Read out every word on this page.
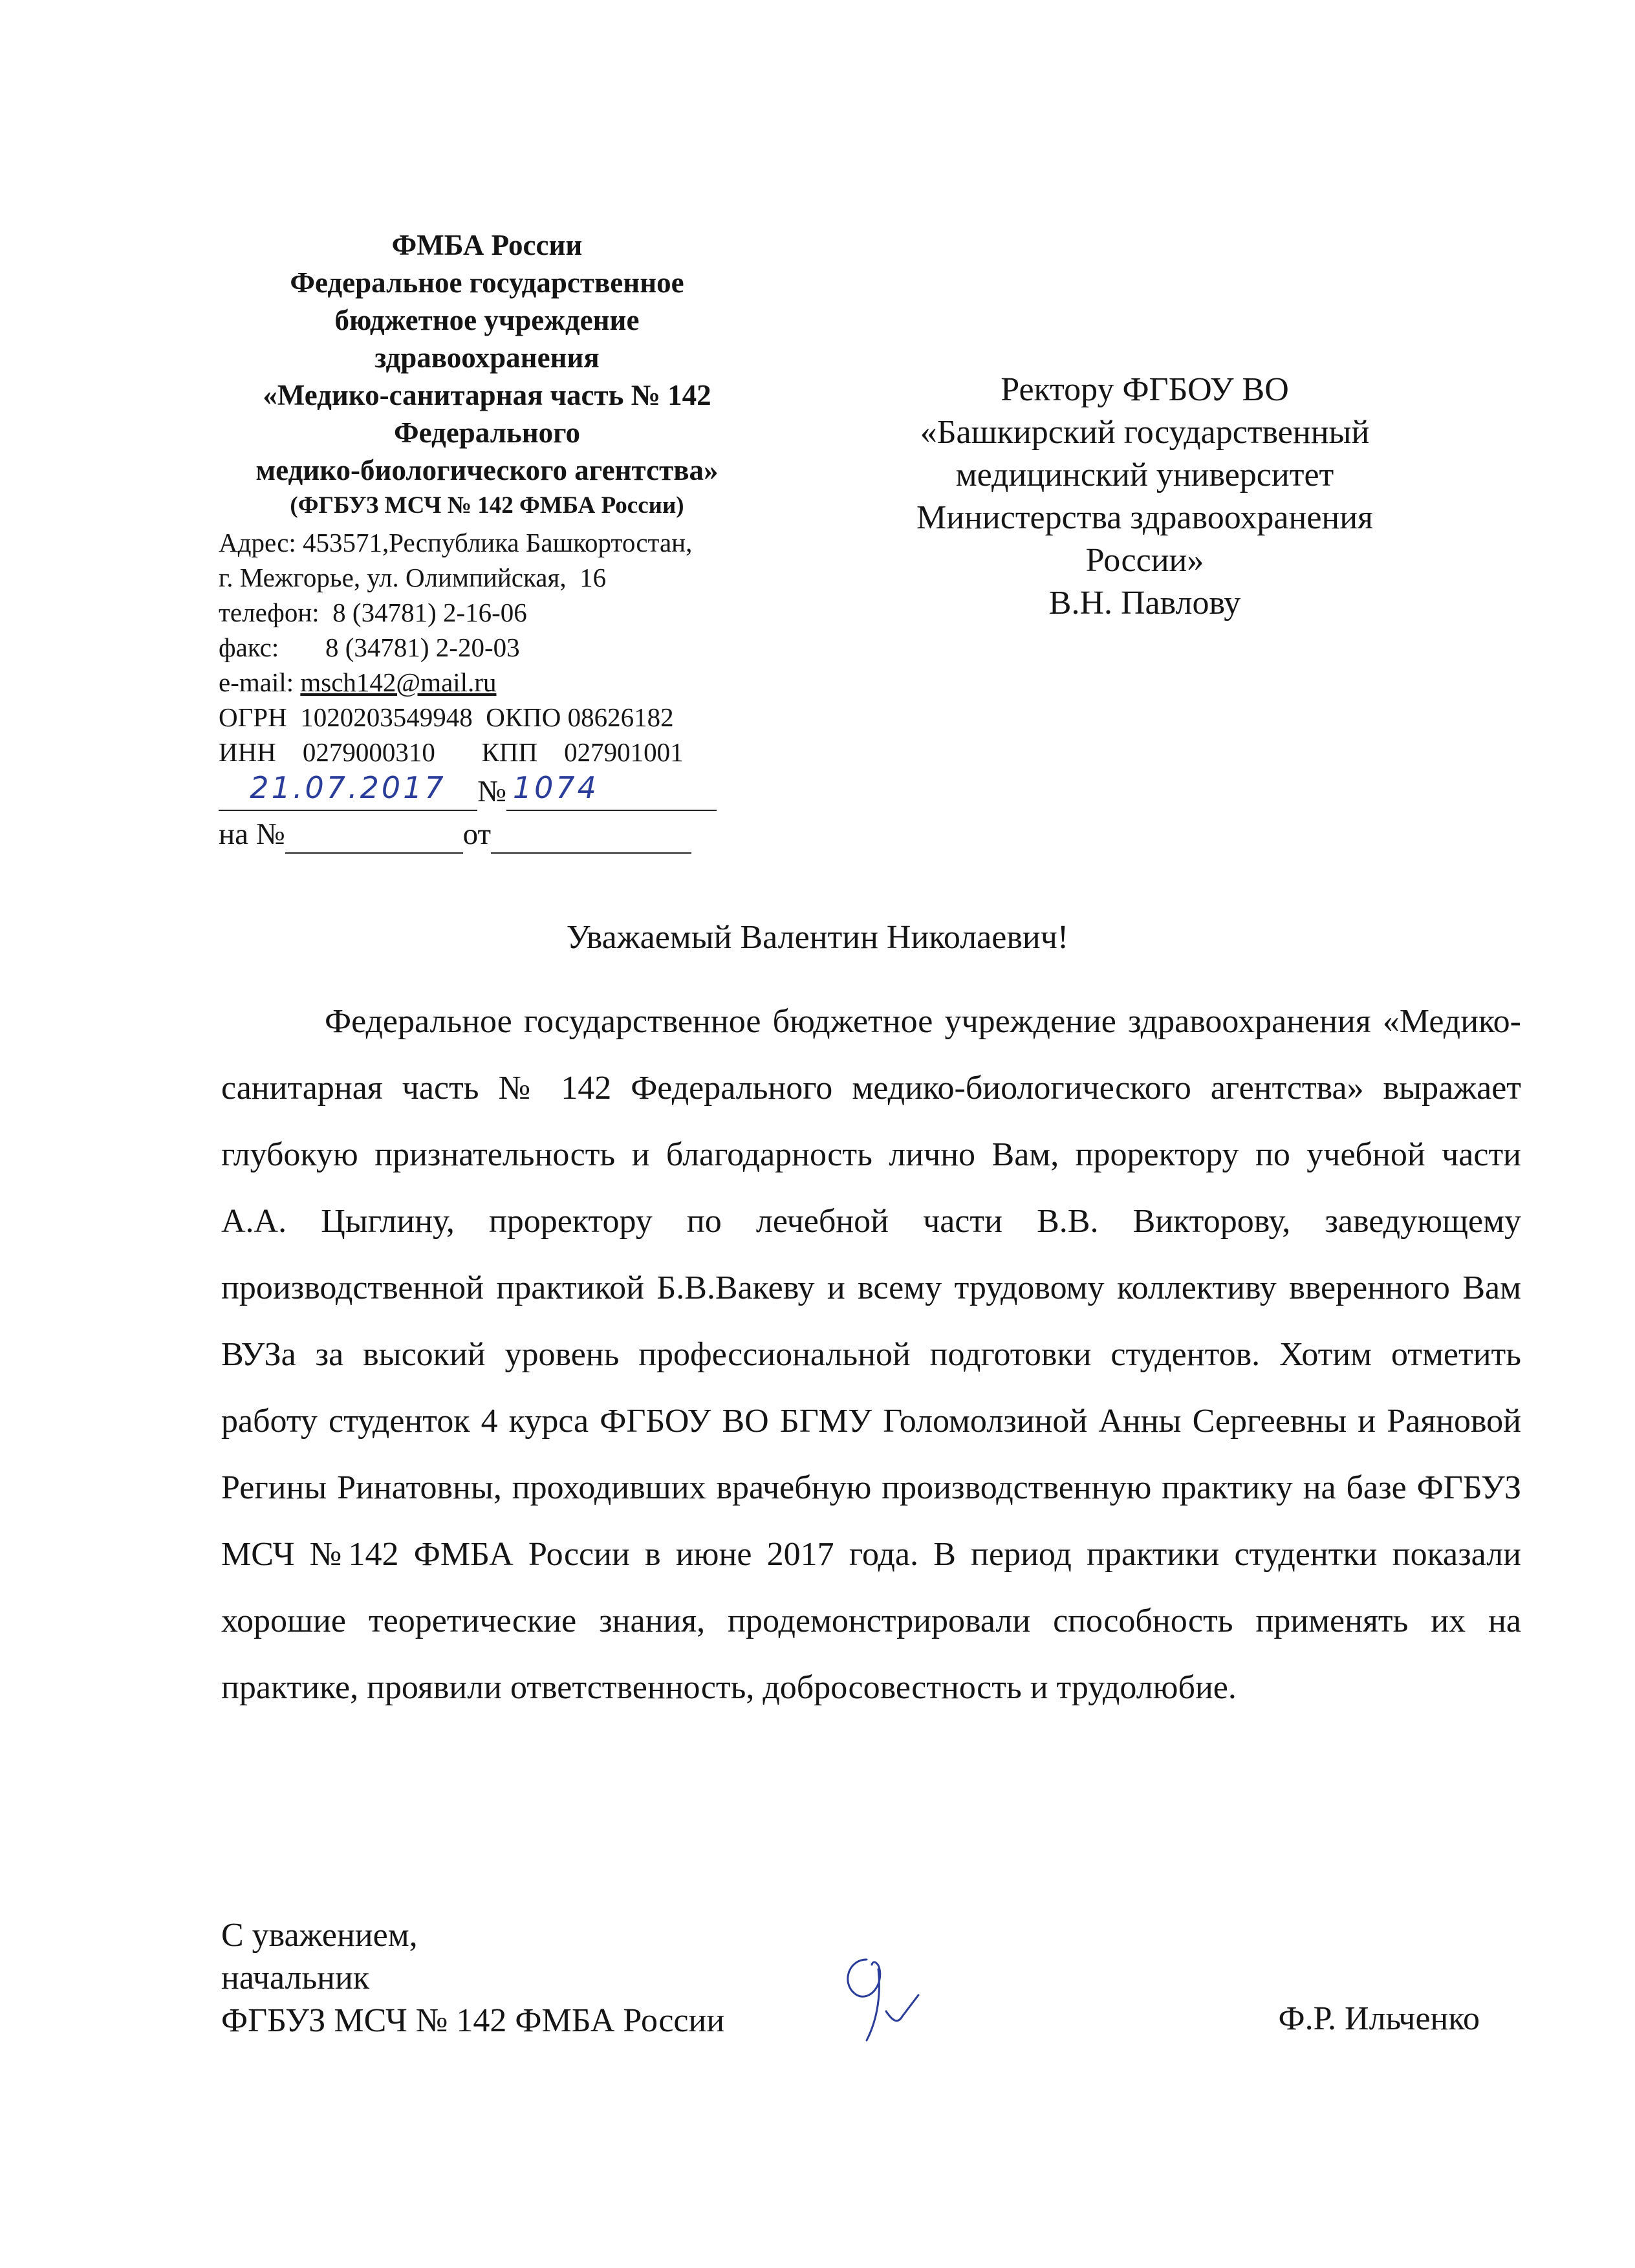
ФМБА России
Федеральное государственное
бюджетное учреждение
здравоохранения
«Медико-санитарная часть № 142
Федерального
медико-биологического агентства»
(ФГБУЗ МСЧ № 142 ФМБА России)
Адрес: 453571,Республика Башкортостан,
г. Межгорье, ул. Олимпийская,  16
телефон:  8 (34781) 2-16-06
факс:       8 (34781) 2-20-03
e-mail: msch142@mail.ru
ОГРН  1020203549948  ОКПО 08626182
ИНН    0279000310       КПП    027901001
21.07.2017	№ 1074
на №	от
Ректору ФГБОУ ВО
«Башкирский государственный
медицинский университет
Министерства здравоохранения
России»
В.Н. Павлову
Уважаемый Валентин Николаевич!
Федеральное государственное бюджетное учреждение здравоохранения «Медико-санитарная часть № 142 Федерального медико-биологического агентства» выражает глубокую признательность и благодарность лично Вам, проректору по учебной части А.А. Цыглину, проректору по лечебной части В.В. Викторову, заведующему производственной практикой Б.В.Вакеву и всему трудовому коллективу вверенного Вам ВУЗа за высокий уровень профессиональной подготовки студентов. Хотим отметить работу студенток 4 курса ФГБОУ ВО БГМУ Голомолзиной Анны Сергеевны и Раяновой Регины Ринатовны, проходивших врачебную производственную практику на базе ФГБУЗ МСЧ №142 ФМБА России в июне 2017 года. В период практики студентки показали хорошие теоретические знания, продемонстрировали способность применять их на практике, проявили ответственность, добросовестность и трудолюбие.
С уважением,
начальник
ФГБУЗ МСЧ № 142 ФМБА России	Ф.Р. Ильченко
